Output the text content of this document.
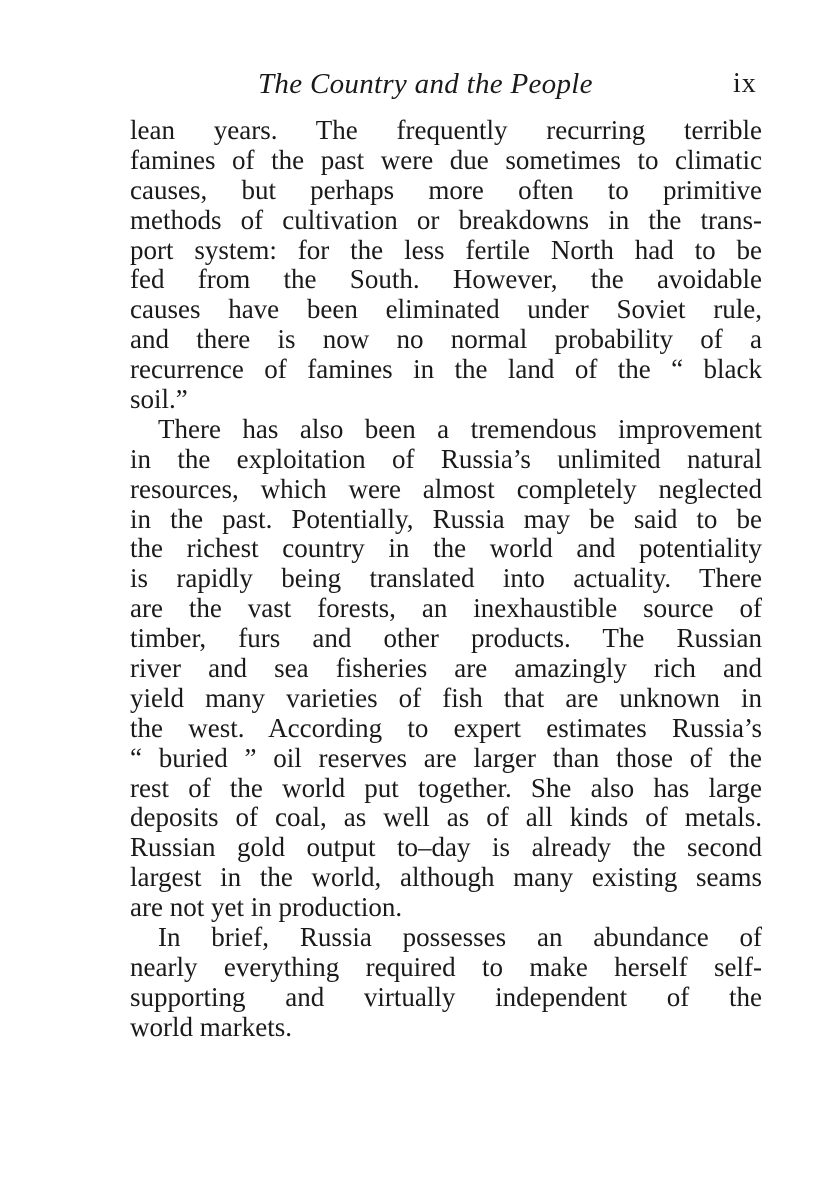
The Country and the People	ix
lean years. The frequently recurring terrible
famines of the past were due sometimes to climatic
causes, but perhaps more often to primitive
methods of cultivation or breakdowns in the trans-
port system: for the less fertile North had to be
fed from the South. However, the avoidable
causes have been eliminated under Soviet rule,
and there is now no normal probability of a
recurrence of famines in the land of the “ black
soil.”
There has also been a tremendous improvement
in the exploitation of Russia’s unlimited natural
resources, which were almost completely neglected
in the past. Potentially, Russia may be said to be
the richest country in the world and potentiality
is rapidly being translated into actuality. There
are the vast forests, an inexhaustible source of
timber, furs and other products. The Russian
river and sea fisheries are amazingly rich and
yield many varieties of fish that are unknown in
the west. According to expert estimates Russia’s
“ buried ” oil reserves are larger than those of the
rest of the world put together. She also has large
deposits of coal, as well as of all kinds of metals.
Russian gold output to–day is already the second
largest in the world, although many existing seams
are not yet in production.
In brief, Russia possesses an abundance of
nearly everything required to make herself self-
supporting and virtually independent of the
world markets.
